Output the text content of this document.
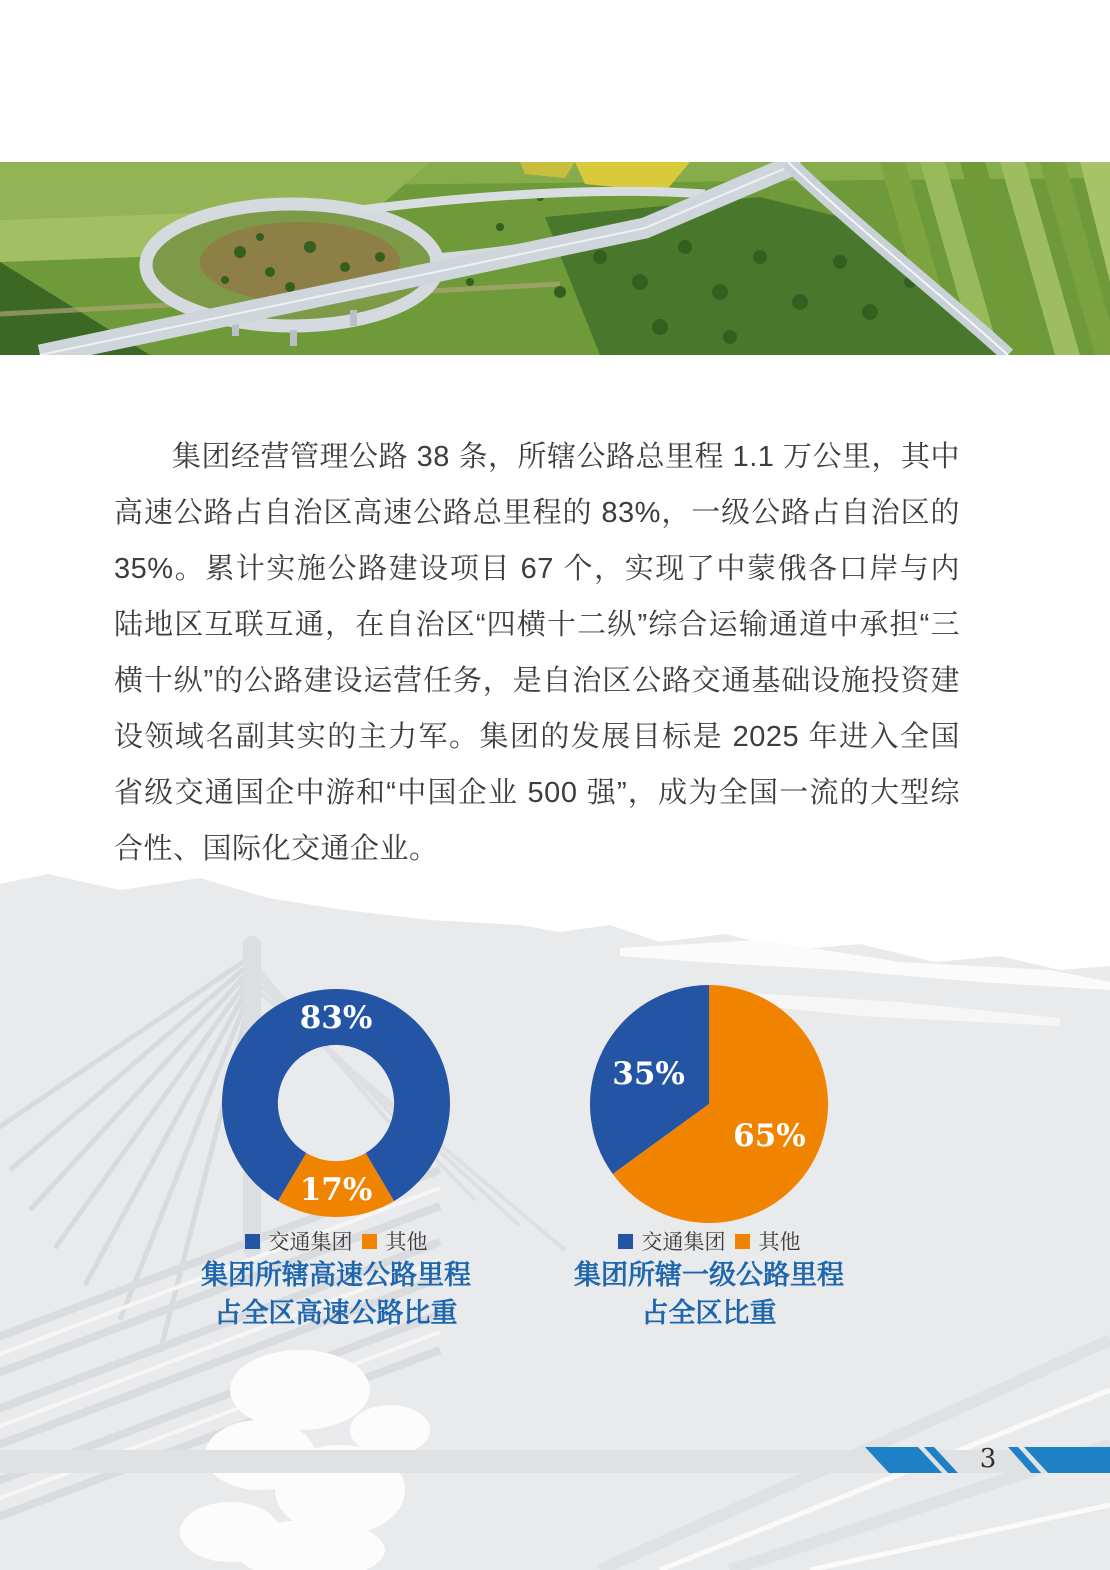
集团经营管理公路 38 条，所辖公路总里程 1.1 万公里，其中高速公路占自治区高速公路总里程的 83%，一级公路占自治区的 35%。累计实施公路建设项目 67 个，实现了中蒙俄各口岸与内陆地区互联互通，在自治区“四横十二纵”综合运输通道中承担“三横十纵”的公路建设运营任务，是自治区公路交通基础设施投资建设领域名副其实的主力军。集团的发展目标是 2025 年进入全国省级交通国企中游和“中国企业 500 强”，成为全国一流的大型综合性、国际化交通企业。

83%
17%
35%
65%
交通集团 其他	交通集团 其他
集团所辖高速公路里程
占全区高速公路比重
集团所辖一级公路里程
占全区比重
3
